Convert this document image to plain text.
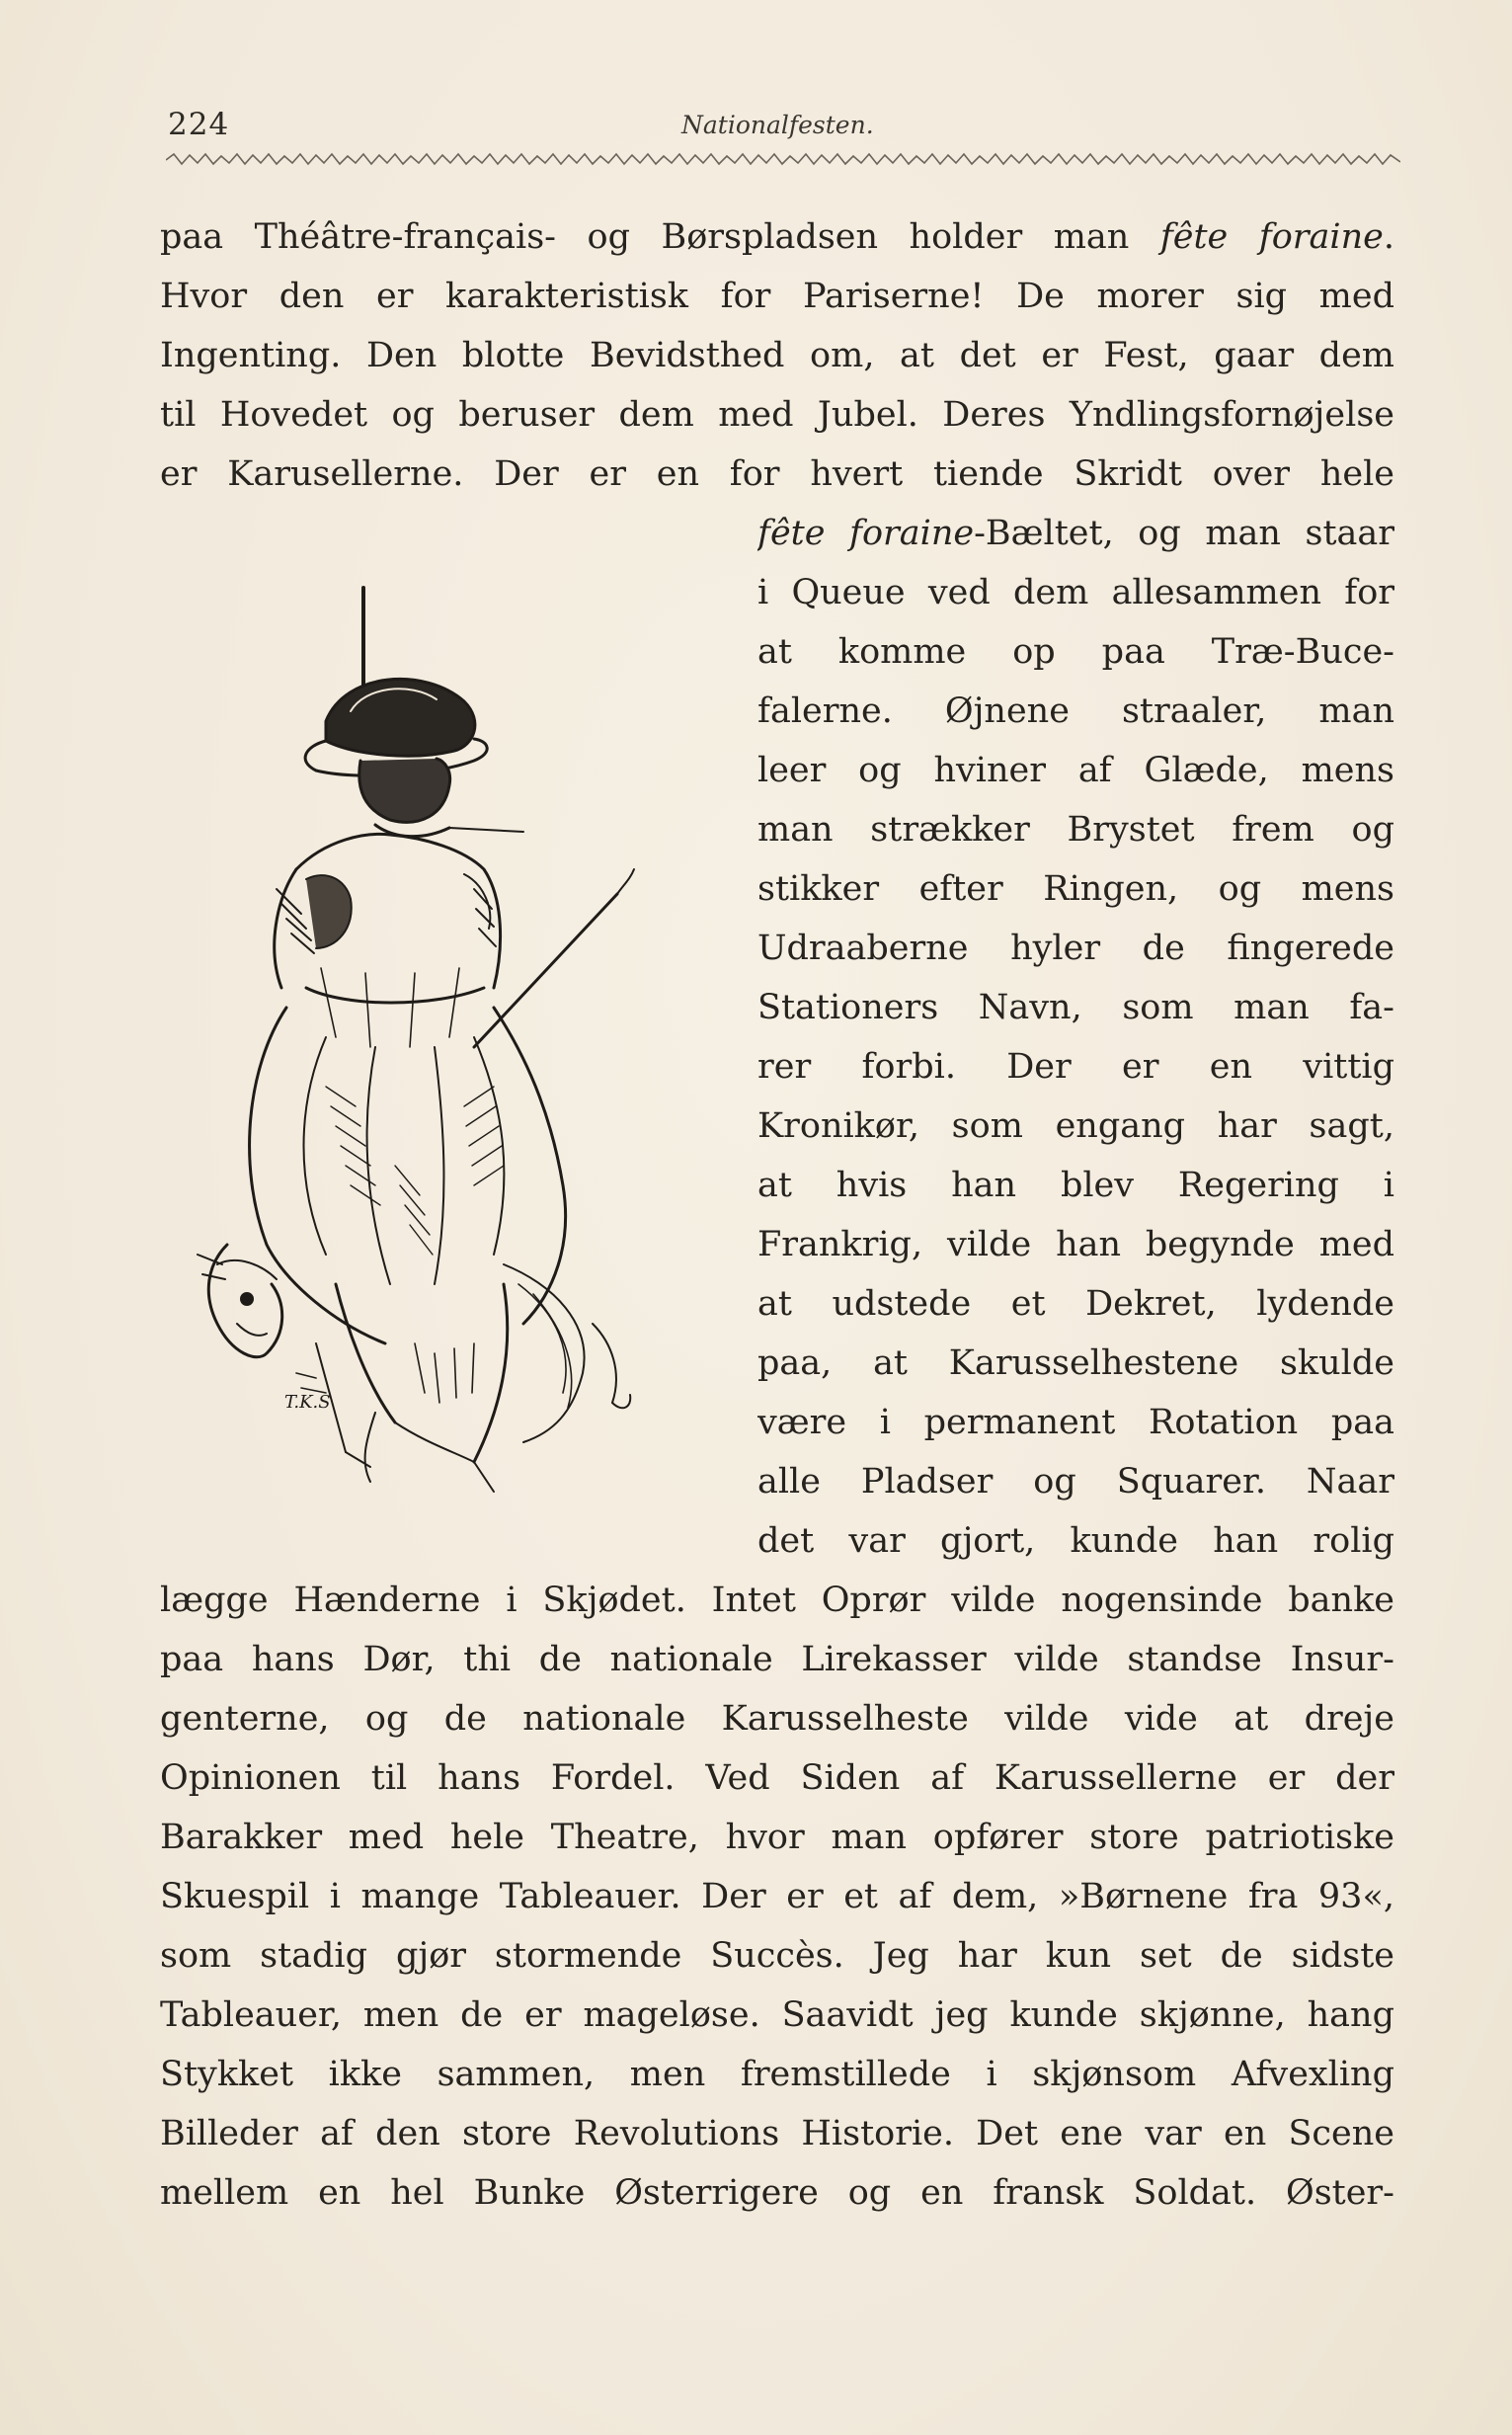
224	Nationalfesten.
paa Théâtre-français- og Børspladsen holder man fête foraine.
Hvor den er karakteristisk for Pariserne! De morer sig med
Ingenting. Den blotte Bevidsthed om, at det er Fest, gaar dem
til Hovedet og beruser dem med Jubel. Deres Yndlingsfornøjelse
er Karusellerne. Der er en for hvert tiende Skridt over hele
fête foraine-Bæltet, og man staar
i Queue ved dem allesammen for
at komme op paa Træ-Buce-
falerne. Øjnene straaler, man
leer og hviner af Glæde, mens
man strækker Brystet frem og
stikker efter Ringen, og mens
Udraaberne hyler de fingerede
Stationers Navn, som man fa-
rer forbi. Der er en vittig
Kronikør, som engang har sagt,
at hvis han blev Regering i
Frankrig, vilde han begynde med
at udstede et Dekret, lydende
paa, at Karusselhestene skulde
være i permanent Rotation paa
alle Pladser og Squarer. Naar
det var gjort, kunde han rolig
lægge Hænderne i Skjødet. Intet Oprør vilde nogensinde banke
paa hans Dør, thi de nationale Lirekasser vilde standse Insur-
genterne, og de nationale Karusselheste vilde vide at dreje
Opinionen til hans Fordel. Ved Siden af Karussellerne er der
Barakker med hele Theatre, hvor man opfører store patriotiske
Skuespil i mange Tableauer. Der er et af dem, »Børnene fra 93«,
som stadig gjør stormende Succès. Jeg har kun set de sidste
Tableauer, men de er mageløse. Saavidt jeg kunde skjønne, hang
Stykket ikke sammen, men fremstillede i skjønsom Afvexling
Billeder af den store Revolutions Historie. Det ene var en Scene
mellem en hel Bunke Østerrigere og en fransk Soldat. Øster-
T.K.S
